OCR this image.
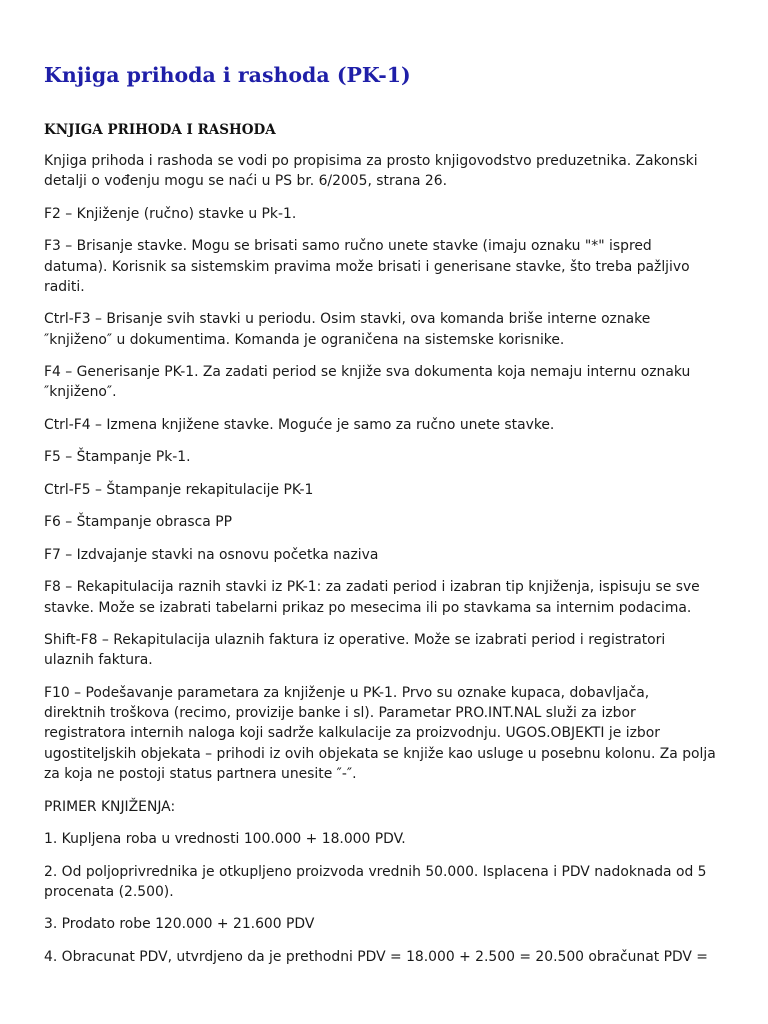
Knjiga prihoda i rashoda (PK-1)
KNJIGA PRIHODA I RASHODA

Knjiga prihoda i rashoda se vodi po propisima za prosto knjigovodstvo preduzetnika. Zakonski
detalji o vođenju mogu se naći u PS br. 6/2005, strana 26.

F2 – Knjiženje (ručno) stavke u Pk-1.

F3 – Brisanje stavke. Mogu se brisati samo ručno unete stavke (imaju oznaku "*" ispred
datuma). Korisnik sa sistemskim pravima može brisati i generisane stavke, što treba pažljivo
raditi.

Ctrl-F3 – Brisanje svih stavki u periodu. Osim stavki, ova komanda briše interne oznake
″knjiženo″ u dokumentima. Komanda je ograničena na sistemske korisnike.

F4 – Generisanje PK-1. Za zadati period se knjiže sva dokumenta koja nemaju internu oznaku
″knjiženo″.

Ctrl-F4 – Izmena knjižene stavke. Moguće je samo za ručno unete stavke.

F5 – Štampanje Pk-1.

Ctrl-F5 – Štampanje rekapitulacije PK-1

F6 – Štampanje obrasca PP

F7 – Izdvajanje stavki na osnovu početka naziva

F8 – Rekapitulacija raznih stavki iz PK-1: za zadati period i izabran tip knjiženja, ispisuju se sve
stavke. Može se izabrati tabelarni prikaz po mesecima ili po stavkama sa internim podacima.

Shift-F8 – Rekapitulacija ulaznih faktura iz operative. Može se izabrati period i registratori
ulaznih faktura.

F10 – Podešavanje parametara za knjiženje u PK-1. Prvo su oznake kupaca, dobavljača,
direktnih troškova (recimo, provizije banke i sl). Parametar PRO.INT.NAL služi za izbor
registratora internih naloga koji sadrže kalkulacije za proizvodnju. UGOS.OBJEKTI je izbor
ugostiteljskih objekata – prihodi iz ovih objekata se knjiže kao usluge u posebnu kolonu. Za polja
za koja ne postoji status partnera unesite ″-″.

PRIMER KNJIŽENJA:

1. Kupljena roba u vrednosti 100.000 + 18.000 PDV.

2. Od poljoprivrednika je otkupljeno proizvoda vrednih 50.000. Isplacena i PDV nadoknada od 5
procenata (2.500).

3. Prodato robe 120.000 + 21.600 PDV

4. Obracunat PDV, utvrdjeno da je prethodni PDV = 18.000 + 2.500 = 20.500 obračunat PDV =
